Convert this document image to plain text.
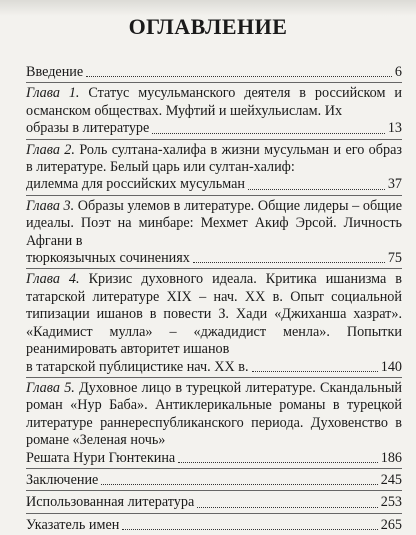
ОГЛАВЛЕНИЕ
Введение	6
Глава 1. Статус мусульманского деятеля в российском и османском обществах. Муфтий и шейхульислам. Их
образы в литературе	13
Глава 2. Роль султана-халифа в жизни мусульман и его образ в литературе. Белый царь или султан-халиф:
дилемма для российских мусульман	37
Глава 3. Образы улемов в литературе. Общие лидеры – общие идеалы. Поэт на минбаре: Мехмет Акиф Эрсой. Личность Афгани в
тюркоязычных сочинениях	75
Глава 4. Кризис духовного идеала. Критика ишанизма в татарской литературе XIX – нач. XX в. Опыт социальной типизации ишанов в повести З. Хади «Джиханша хазрат». «Кадимист мулла» – «джадидист менла». Попытки реанимировать авторитет ишанов
в татарской публицистике нач. XX в.	140
Глава 5. Духовное лицо в турецкой литературе. Скандальный роман «Нур Баба». Антиклерикальные романы в турецкой литературе раннереспубликанского периода. Духовенство в романе «Зеленая ночь»
Решата Нури Гюнтекина	186
Заключение	245
Использованная литература	253
Указатель имен	265
